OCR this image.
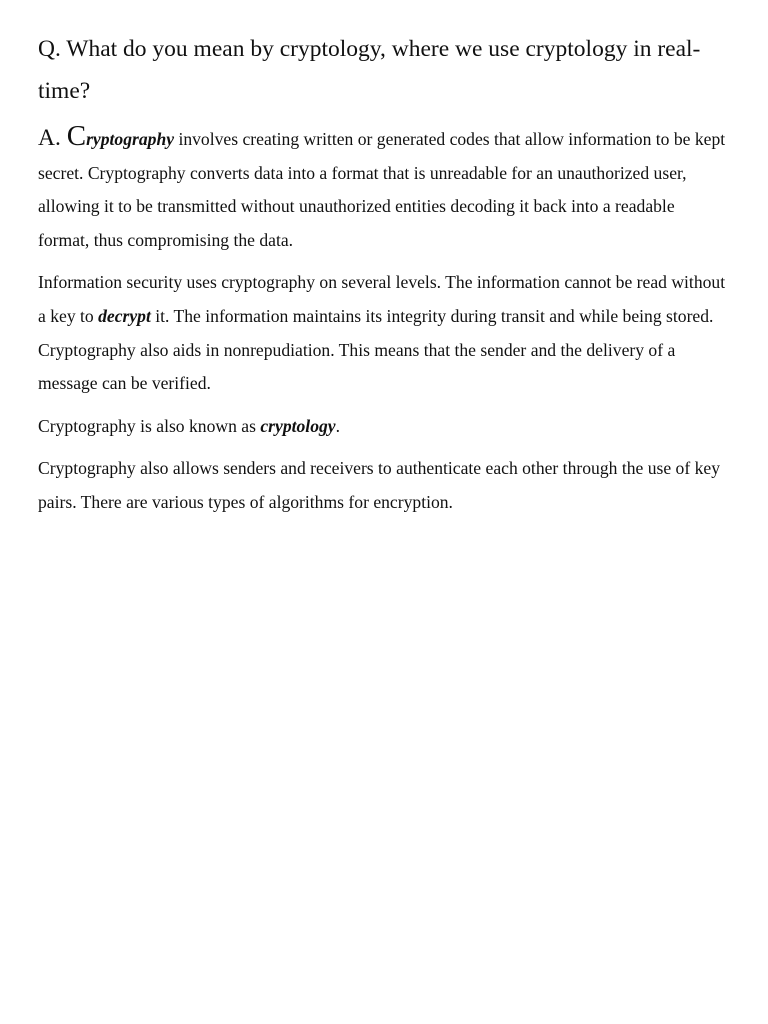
Q. What do you mean by cryptology, where we use cryptology in real-time?

A. Cryptography involves creating written or generated codes that allow information to be kept secret. Cryptography converts data into a format that is unreadable for an unauthorized user, allowing it to be transmitted without unauthorized entities decoding it back into a readable format, thus compromising the data.

Information security uses cryptography on several levels. The information cannot be read without a key to decrypt it. The information maintains its integrity during transit and while being stored. Cryptography also aids in nonrepudiation. This means that the sender and the delivery of a message can be verified.

Cryptography is also known as cryptology.

Cryptography also allows senders and receivers to authenticate each other through the use of key pairs. There are various types of algorithms for encryption.
